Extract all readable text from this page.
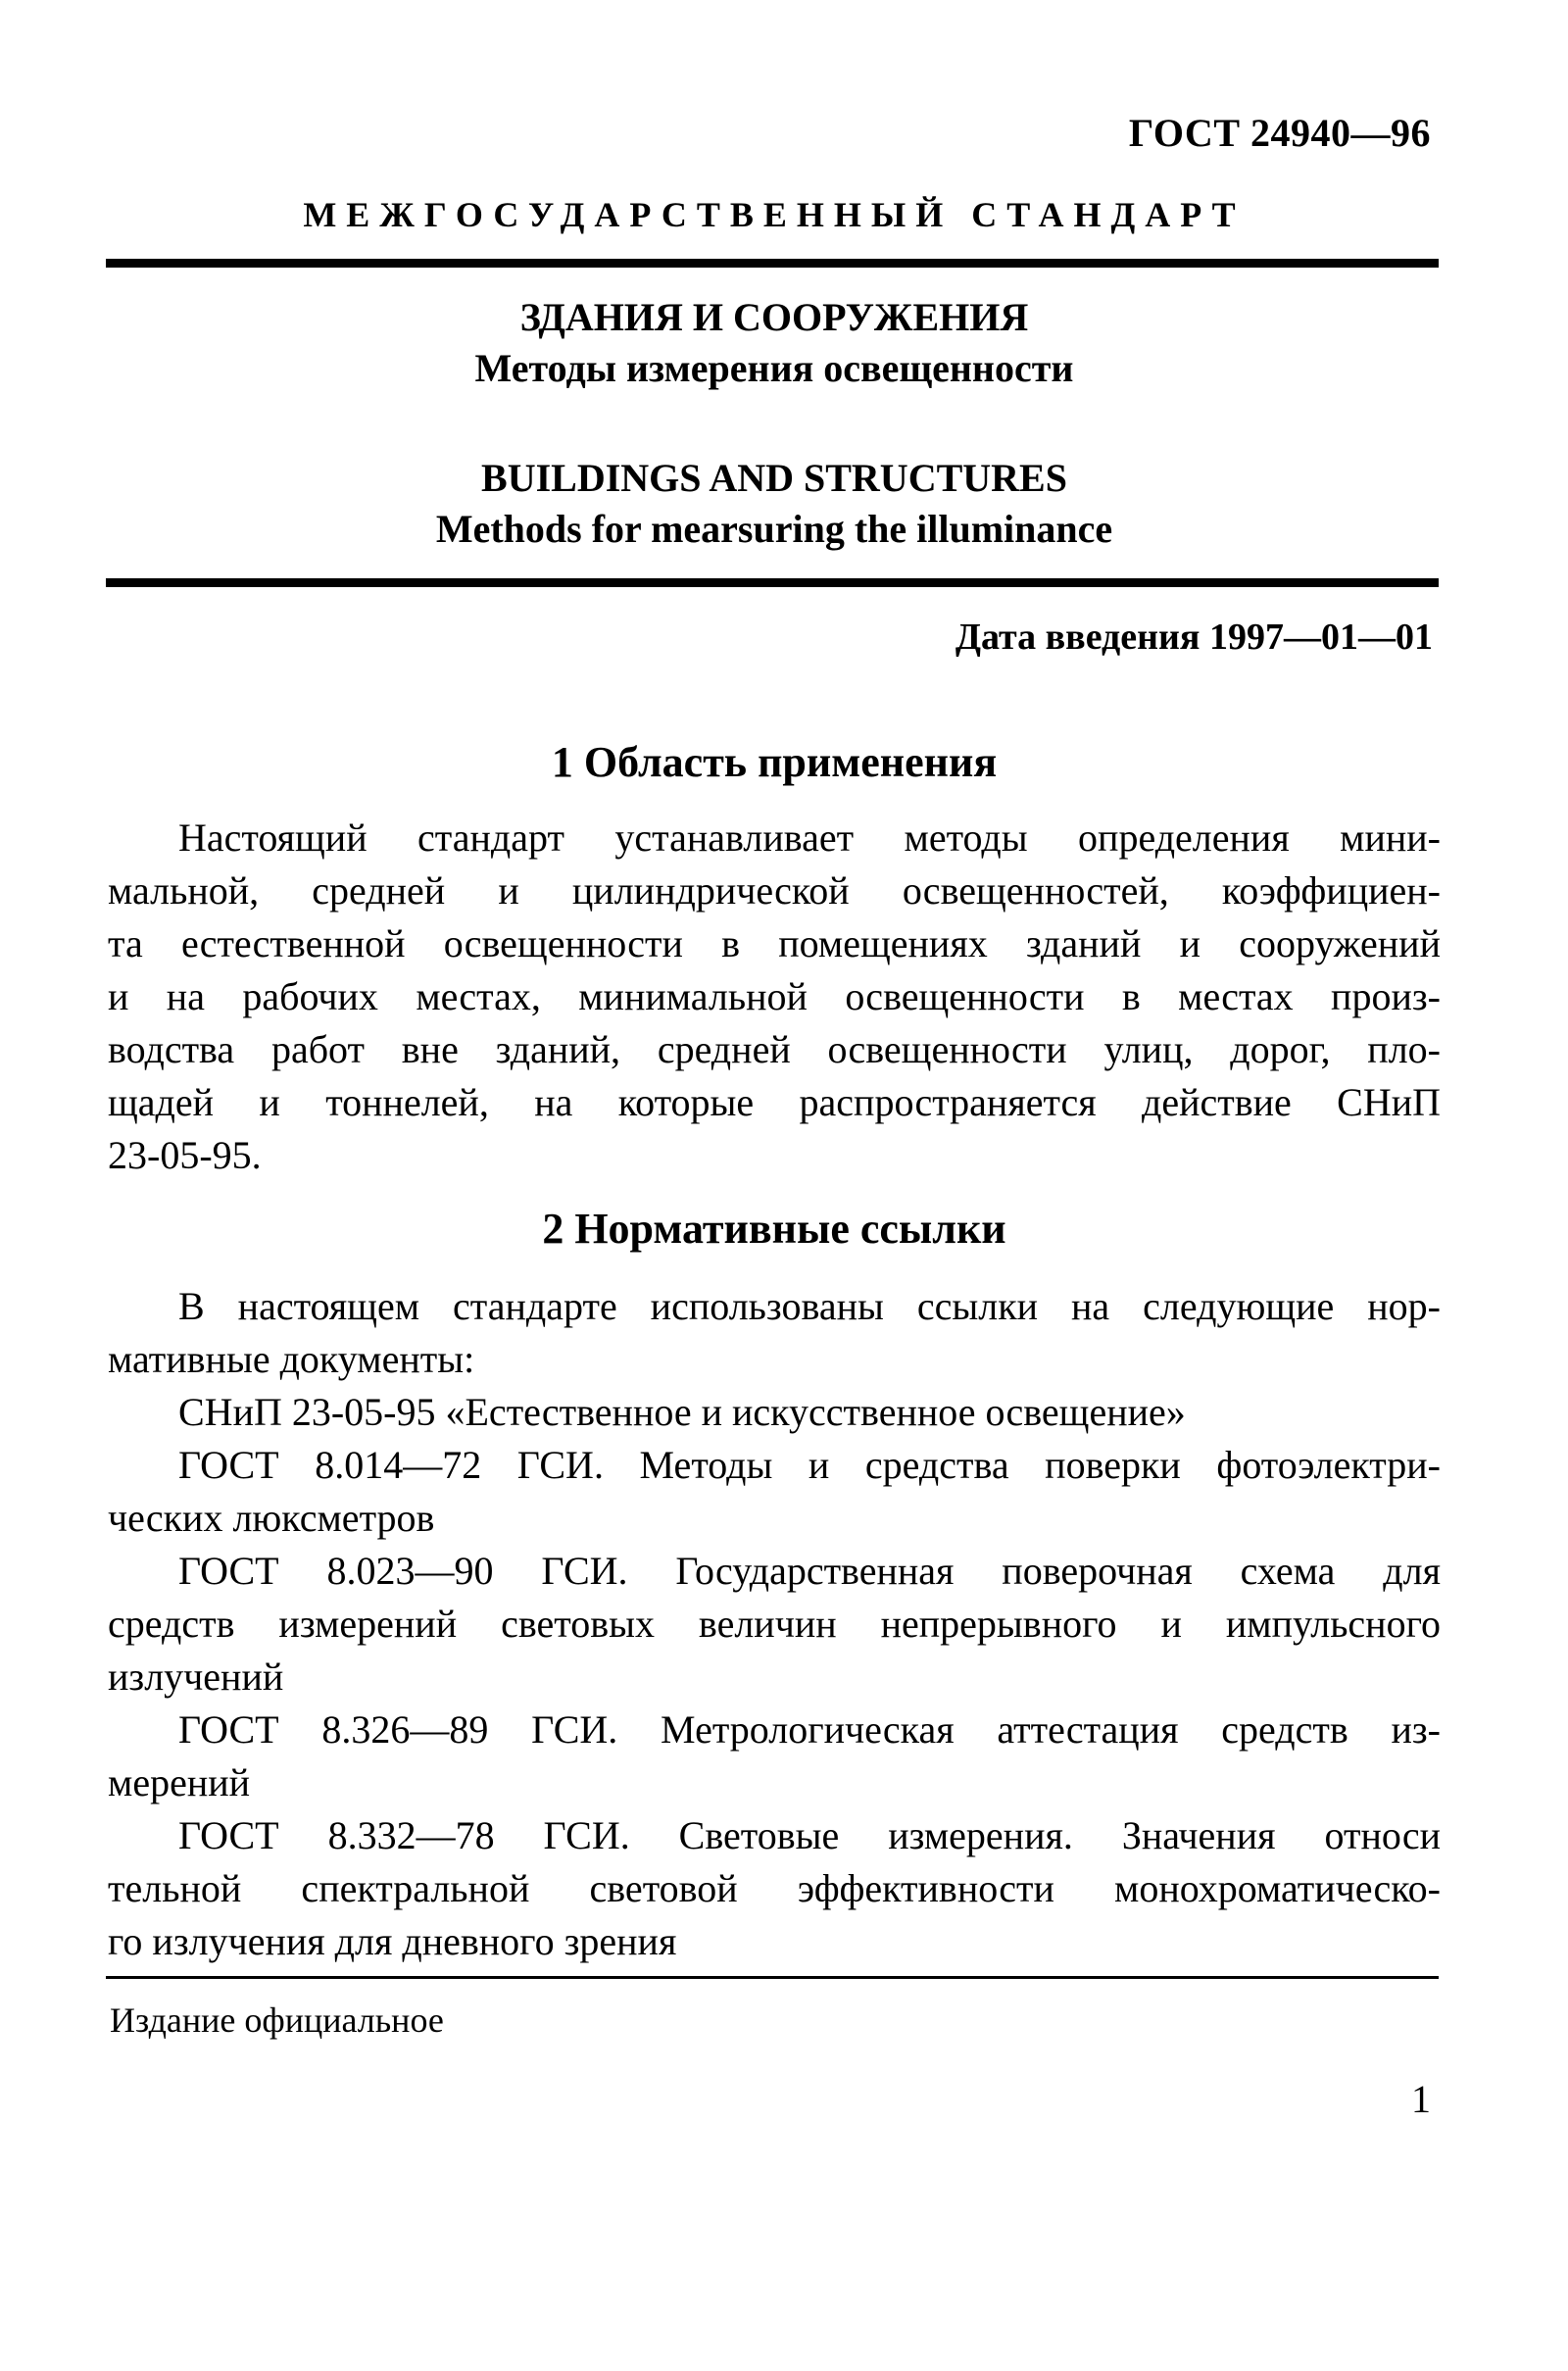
ГОСТ 24940—96
МЕЖГОСУДАРСТВЕННЫЙ СТАНДАРТ
ЗДАНИЯ И СООРУЖЕНИЯ
Методы измерения освещенности
BUILDINGS AND STRUCTURES
Methods for mearsuring the illuminance
Дата введения 1997—01—01
1 Область применения
Настоящий стандарт устанавливает методы определения мини-
мальной, средней и цилиндрической освещенностей, коэффициен-
та естественной освещенности в помещениях зданий и сооружений
и на рабочих местах, минимальной освещенности в местах произ-
водства работ вне зданий, средней освещенности улиц, дорог, пло-
щадей и тоннелей, на которые распространяется действие СНиП
23-05-95.
2 Нормативные ссылки
В настоящем стандарте использованы ссылки на следующие нор-
мативные документы:
СНиП 23-05-95 «Естественное и искусственное освещение»
ГОСТ 8.014—72 ГСИ. Методы и средства поверки фотоэлектри-
ческих люксметров
ГОСТ 8.023—90 ГСИ. Государственная поверочная схема для
средств измерений световых величин непрерывного и импульсного
излучений
ГОСТ 8.326—89 ГСИ. Метрологическая аттестация средств из-
мерений
ГОСТ 8.332—78 ГСИ. Световые измерения. Значения относи
тельной спектральной световой эффективности монохроматическо-
го излучения для дневного зрения
Издание официальное
1
